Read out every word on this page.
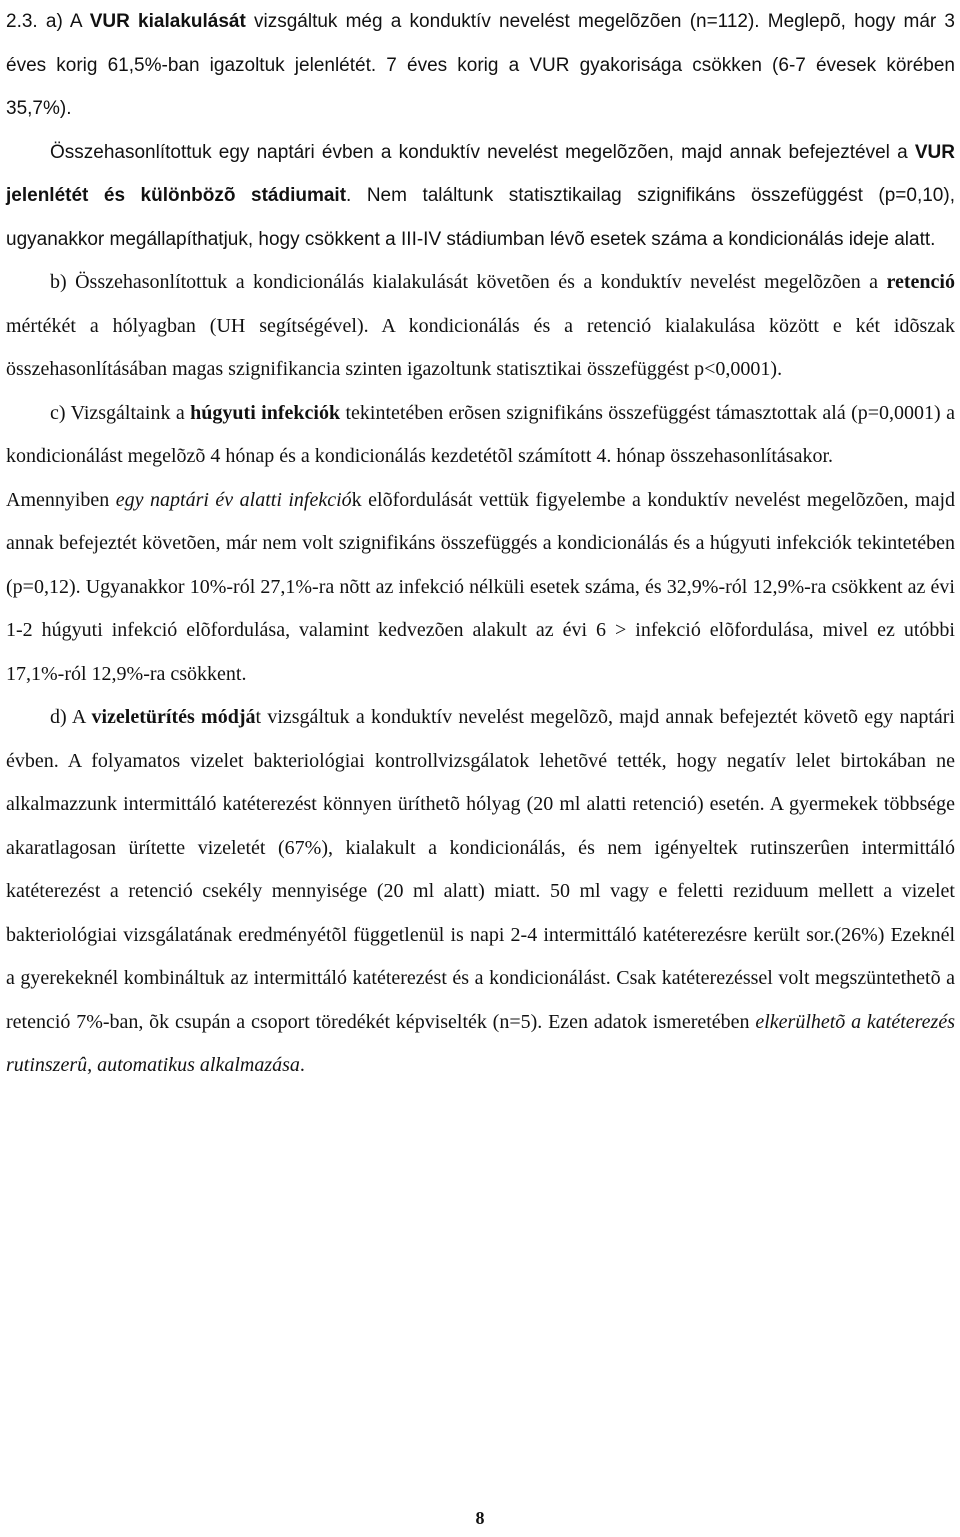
2.3. a) A VUR kialakulását vizsgáltuk még a konduktív nevelést megelõzõen (n=112). Meglepõ, hogy már 3 éves korig 61,5%-ban igazoltuk jelenlétét. 7 éves korig a VUR gyakorisága csökken (6-7 évesek körében 35,7%).

Összehasonlítottuk egy naptári évben a konduktív nevelést megelõzõen, majd annak befejeztével a VUR jelenlétét és különbözõ stádiumait. Nem találtunk statisztikailag szignifikáns összefüggést (p=0,10), ugyanakkor megállapíthatjuk, hogy csökkent a III-IV stádiumban lévõ esetek száma a kondicionálás ideje alatt.

b) Összehasonlítottuk a kondicionálás kialakulását követõen és a konduktív nevelést megelõzõen a retenció mértékét a hólyagban (UH segítségével). A kondicionálás és a retenció kialakulása között e két idõszak összehasonlításában magas szignifikancia szinten igazoltunk statisztikai összefüggést p<0,0001).

c) Vizsgáltaink a húgyuti infekciók tekintetében erõsen szignifikáns összefüggést támasztottak alá (p=0,0001) a kondicionálást megelõzõ 4 hónap és a kondicionálás kezdetétõl számított 4. hónap összehasonlításakor.

Amennyiben egy naptári év alatti infekciók elõfordulását vettük figyelembe a konduktív nevelést megelõzõen, majd annak befejeztét követõen, már nem volt szignifikáns összefüggés a kondicionálás és a húgyuti infekciók tekintetében (p=0,12). Ugyanakkor 10%-ról 27,1%-ra nõtt az infekció nélküli esetek száma, és 32,9%-ról 12,9%-ra csökkent az évi 1-2 húgyuti infekció elõfordulása, valamint kedvezõen alakult az évi 6 > infekció elõfordulása, mivel ez utóbbi 17,1%-ról 12,9%-ra csökkent.

d) A vizeletürítés módját vizsgáltuk a konduktív nevelést megelõzõ, majd annak befejeztét követõ egy naptári évben. A folyamatos vizelet bakteriológiai kontrollvizsgálatok lehetõvé tették, hogy negatív lelet birtokában ne alkalmazzunk intermittáló katéterezést könnyen üríthetõ hólyag (20 ml alatti retenció) esetén. A gyermekek többsége akaratlagosan ürítette vizeletét (67%), kialakult a kondicionálás, és nem igényeltek rutinszerûen intermittáló katéterezést a retenció csekély mennyisége (20 ml alatt) miatt. 50 ml vagy e feletti reziduum mellett a vizelet bakteriológiai vizsgálatának eredményétõl függetlenül is napi 2-4 intermittáló katéterezésre került sor.(26%) Ezeknél a gyerekeknél kombináltuk az intermittáló katéterezést és a kondicionálást. Csak katéterezéssel volt megszüntethetõ a retenció 7%-ban, õk csupán a csoport töredékét képviselték (n=5). Ezen adatok ismeretében elkerülhetõ a katéterezés rutinszerû, automatikus alkalmazása.

8
